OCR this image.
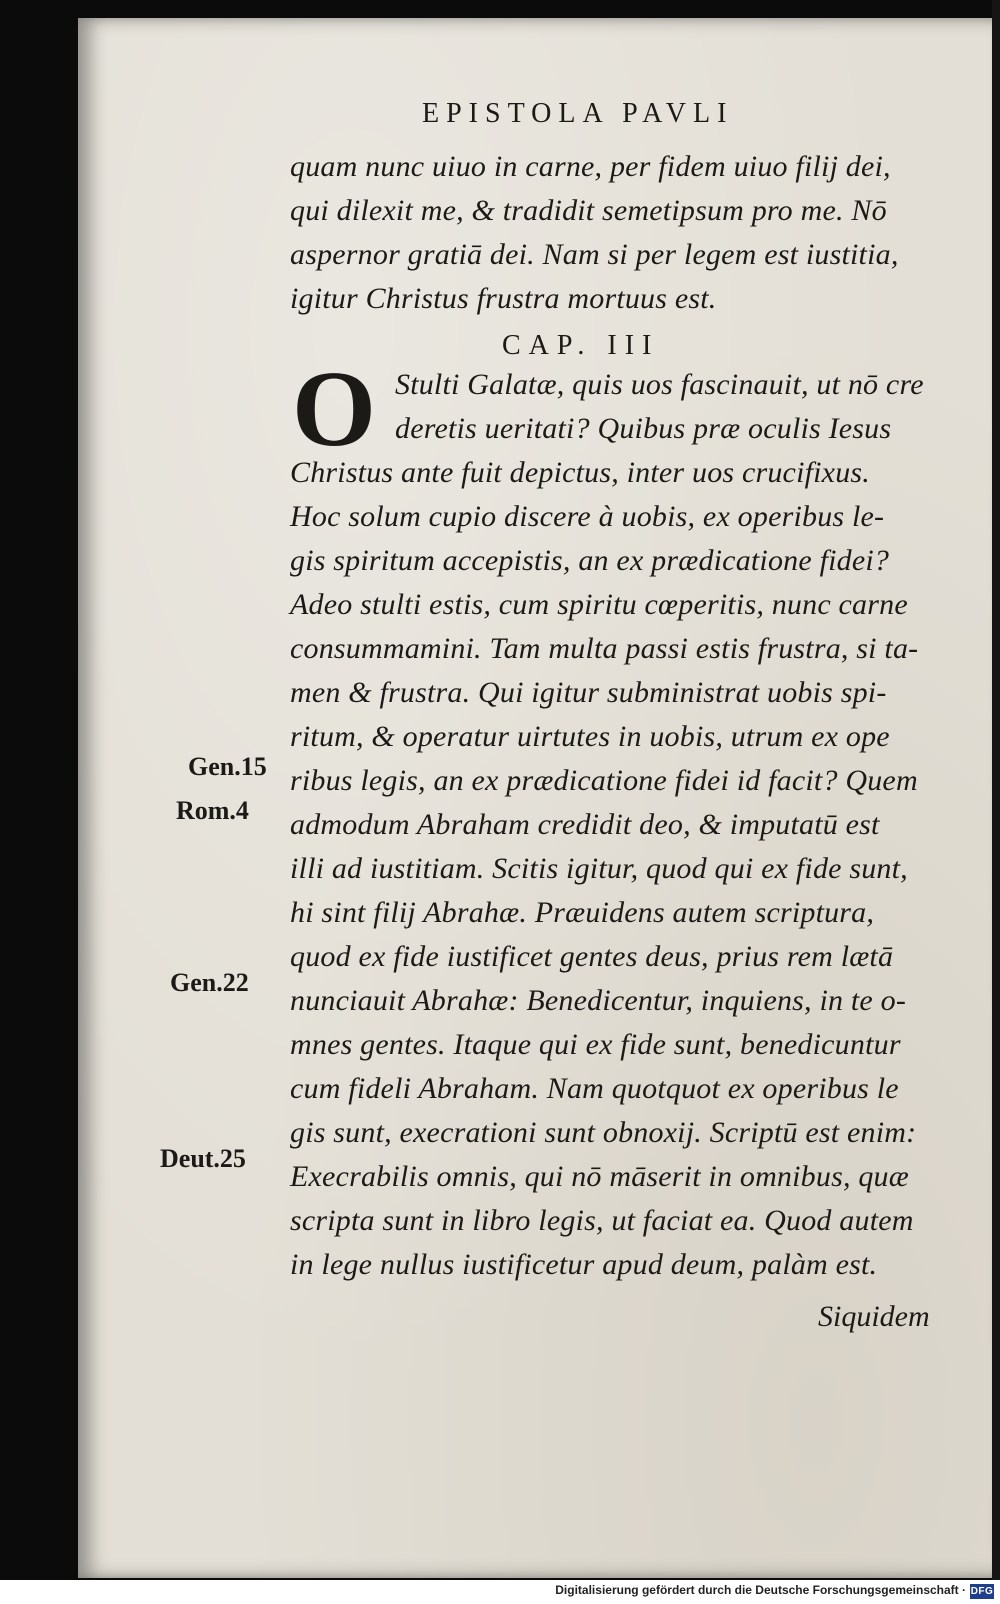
EPISTOLA PAVLI
quam nunc uiuo in carne, per fidem uiuo filij dei,
qui dilexit me, & tradidit semetipsum pro me. Nō
aspernor gratiā dei. Nam si per legem est iustitia,
igitur Christus frustra mortuus est.
CAP. III
O Stulti Galatæ, quis uos fascinauit, ut nō cre
deretis ueritati? Quibus præ oculis Iesus
Christus ante fuit depictus, inter uos crucifixus.
Hoc solum cupio discere à uobis, ex operibus le-
gis spiritum accepistis, an ex prædicatione fidei?
Adeo stulti estis, cum spiritu cœperitis, nunc carne
consummamini. Tam multa passi estis frustra, si ta-
men & frustra. Qui igitur subministrat uobis spi-
ritum, & operatur uirtutes in uobis, utrum ex ope
ribus legis, an ex prædicatione fidei id facit? Quem
admodum Abraham credidit deo, & imputatū est
illi ad iustitiam. Scitis igitur, quod qui ex fide sunt,
hi sint filij Abrahæ. Præuidens autem scriptura,
quod ex fide iustificet gentes deus, prius rem lætā
nunciauit Abrahæ: Benedicentur, inquiens, in te o-
mnes gentes. Itaque qui ex fide sunt, benedicuntur
cum fideli Abraham. Nam quotquot ex operibus le
gis sunt, execrationi sunt obnoxij. Scriptū est enim:
Execrabilis omnis, qui nō māserit in omnibus, quæ
scripta sunt in libro legis, ut faciat ea. Quod autem
in lege nullus iustificetur apud deum, palàm est.
Gen.15
Rom.4
Gen.22
Deut.25
Siquidem
Digitalisierung gefördert durch die Deutsche Forschungsgemeinschaft · DFG
